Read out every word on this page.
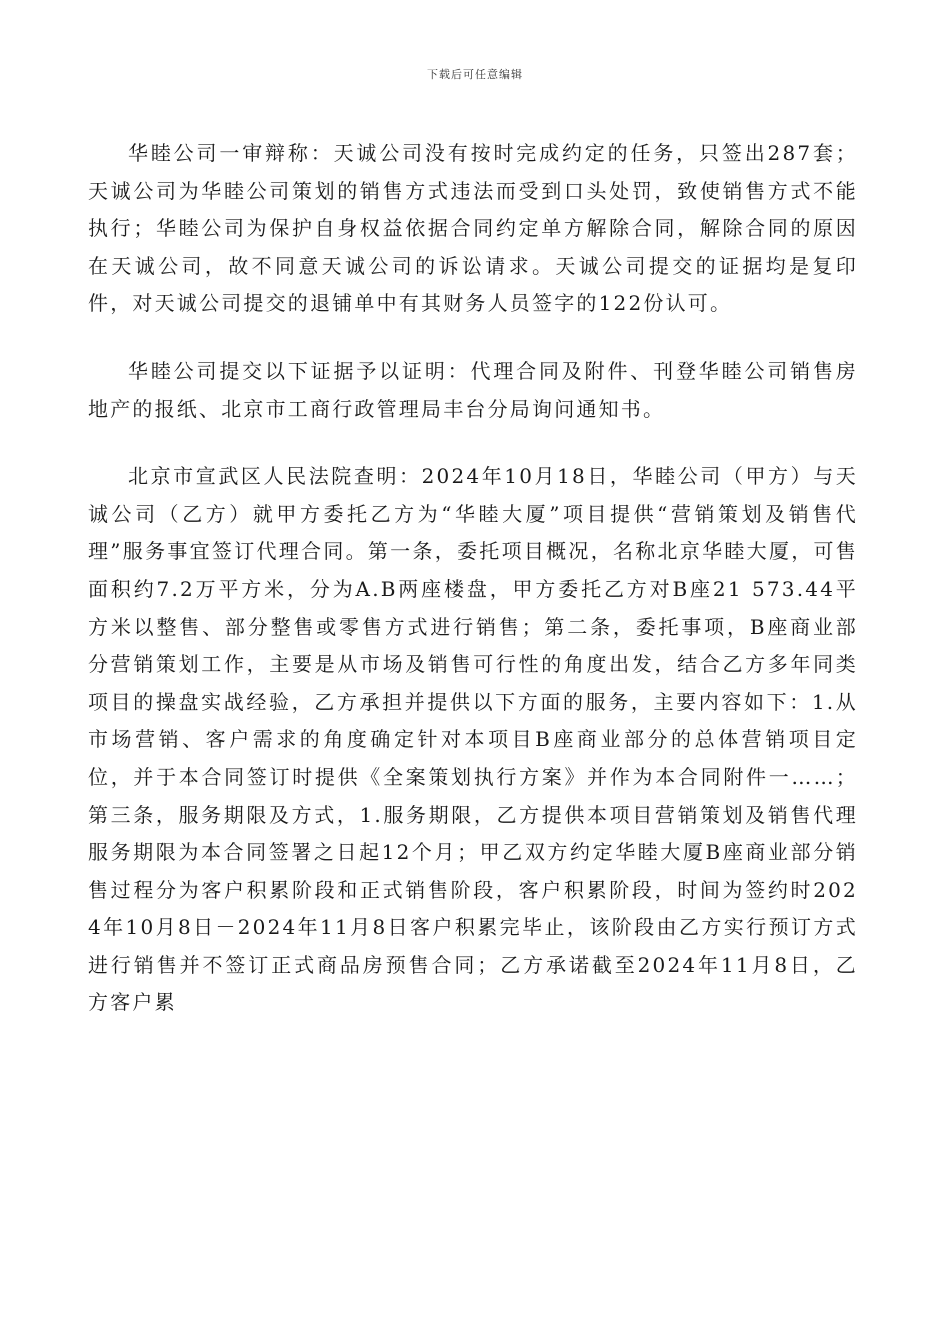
下载后可任意编辑

华睦公司一审辩称：天诚公司没有按时完成约定的任务，只签出287套；天诚公司为华睦公司策划的销售方式违法而受到口头处罚，致使销售方式不能执行；华睦公司为保护自身权益依据合同约定单方解除合同，解除合同的原因在天诚公司，故不同意天诚公司的诉讼请求。天诚公司提交的证据均是复印件，对天诚公司提交的退铺单中有其财务人员签字的122份认可。

华睦公司提交以下证据予以证明：代理合同及附件、刊登华睦公司销售房地产的报纸、北京市工商行政管理局丰台分局询问通知书。

北京市宣武区人民法院查明：2024年10月18日，华睦公司（甲方）与天诚公司（乙方）就甲方委托乙方为“华睦大厦”项目提供“营销策划及销售代理”服务事宜签订代理合同。第一条，委托项目概况，名称北京华睦大厦，可售面积约7.2万平方米，分为A.B两座楼盘，甲方委托乙方对B座21 573.44平方米以整售、部分整售或零售方式进行销售；第二条，委托事项，B座商业部分营销策划工作，主要是从市场及销售可行性的角度出发，结合乙方多年同类项目的操盘实战经验，乙方承担并提供以下方面的服务，主要内容如下：1.从市场营销、客户需求的角度确定针对本项目B座商业部分的总体营销项目定位，并于本合同签订时提供《全案策划执行方案》并作为本合同附件一……；第三条，服务期限及方式，1.服务期限，乙方提供本项目营销策划及销售代理服务期限为本合同签署之日起12个月；甲乙双方约定华睦大厦B座商业部分销售过程分为客户积累阶段和正式销售阶段，客户积累阶段，时间为签约时2024年10月8日－2024年11月8日客户积累完毕止，该阶段由乙方实行预订方式进行销售并不签订正式商品房预售合同；乙方承诺截至2024年11月8日，乙方客户累
